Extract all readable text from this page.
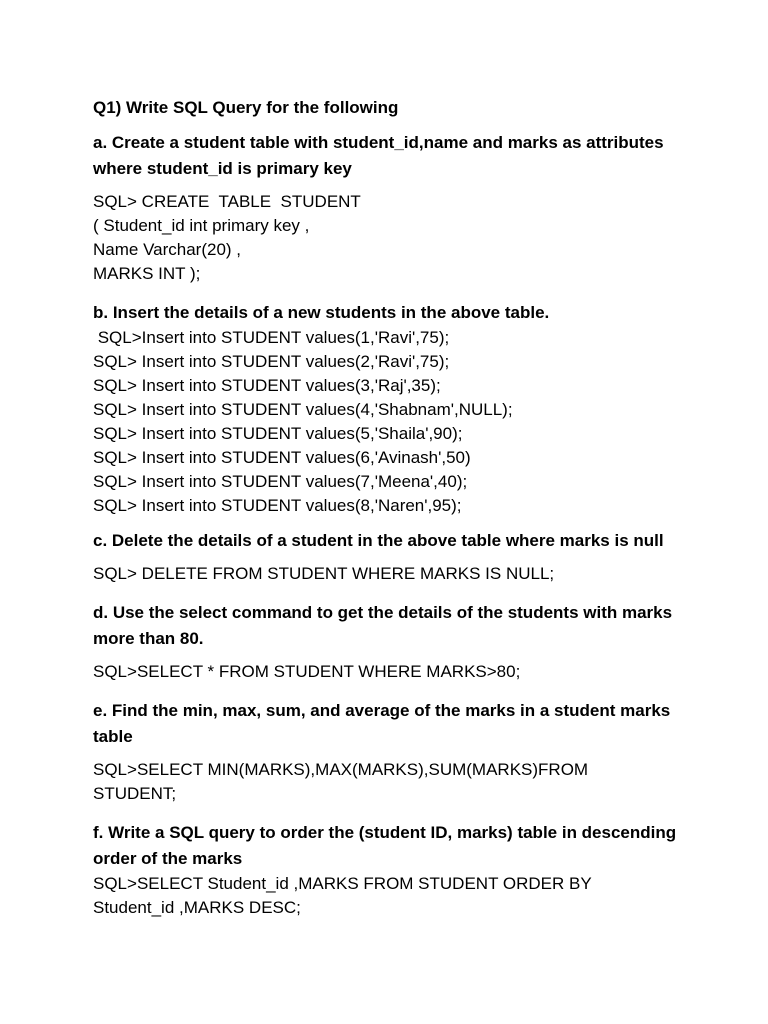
Q1) Write SQL Query for the following
a. Create a student table with student_id,name and marks as attributes where student_id is primary key
SQL> CREATE  TABLE  STUDENT
( Student_id int primary key ,
Name Varchar(20) ,
MARKS INT );
b. Insert the details of a new students in the above table.
SQL>Insert into STUDENT values(1,'Ravi',75);
SQL> Insert into STUDENT values(2,'Ravi',75);
SQL> Insert into STUDENT values(3,'Raj',35);
SQL> Insert into STUDENT values(4,'Shabnam',NULL);
SQL> Insert into STUDENT values(5,'Shaila',90);
SQL> Insert into STUDENT values(6,'Avinash',50)
SQL> Insert into STUDENT values(7,'Meena',40);
SQL> Insert into STUDENT values(8,'Naren',95);
c. Delete the details of a student in the above table where marks is null
SQL> DELETE FROM STUDENT WHERE MARKS IS NULL;
d. Use the select command to get the details of the students with marks more than 80.
SQL>SELECT * FROM STUDENT WHERE MARKS>80;
e. Find the min, max, sum, and average of the marks in a student marks table
SQL>SELECT MIN(MARKS),MAX(MARKS),SUM(MARKS)FROM
STUDENT;
f. Write a SQL query to order the (student ID, marks) table in descending order of the marks
SQL>SELECT Student_id ,MARKS FROM STUDENT ORDER BY
Student_id ,MARKS DESC;
